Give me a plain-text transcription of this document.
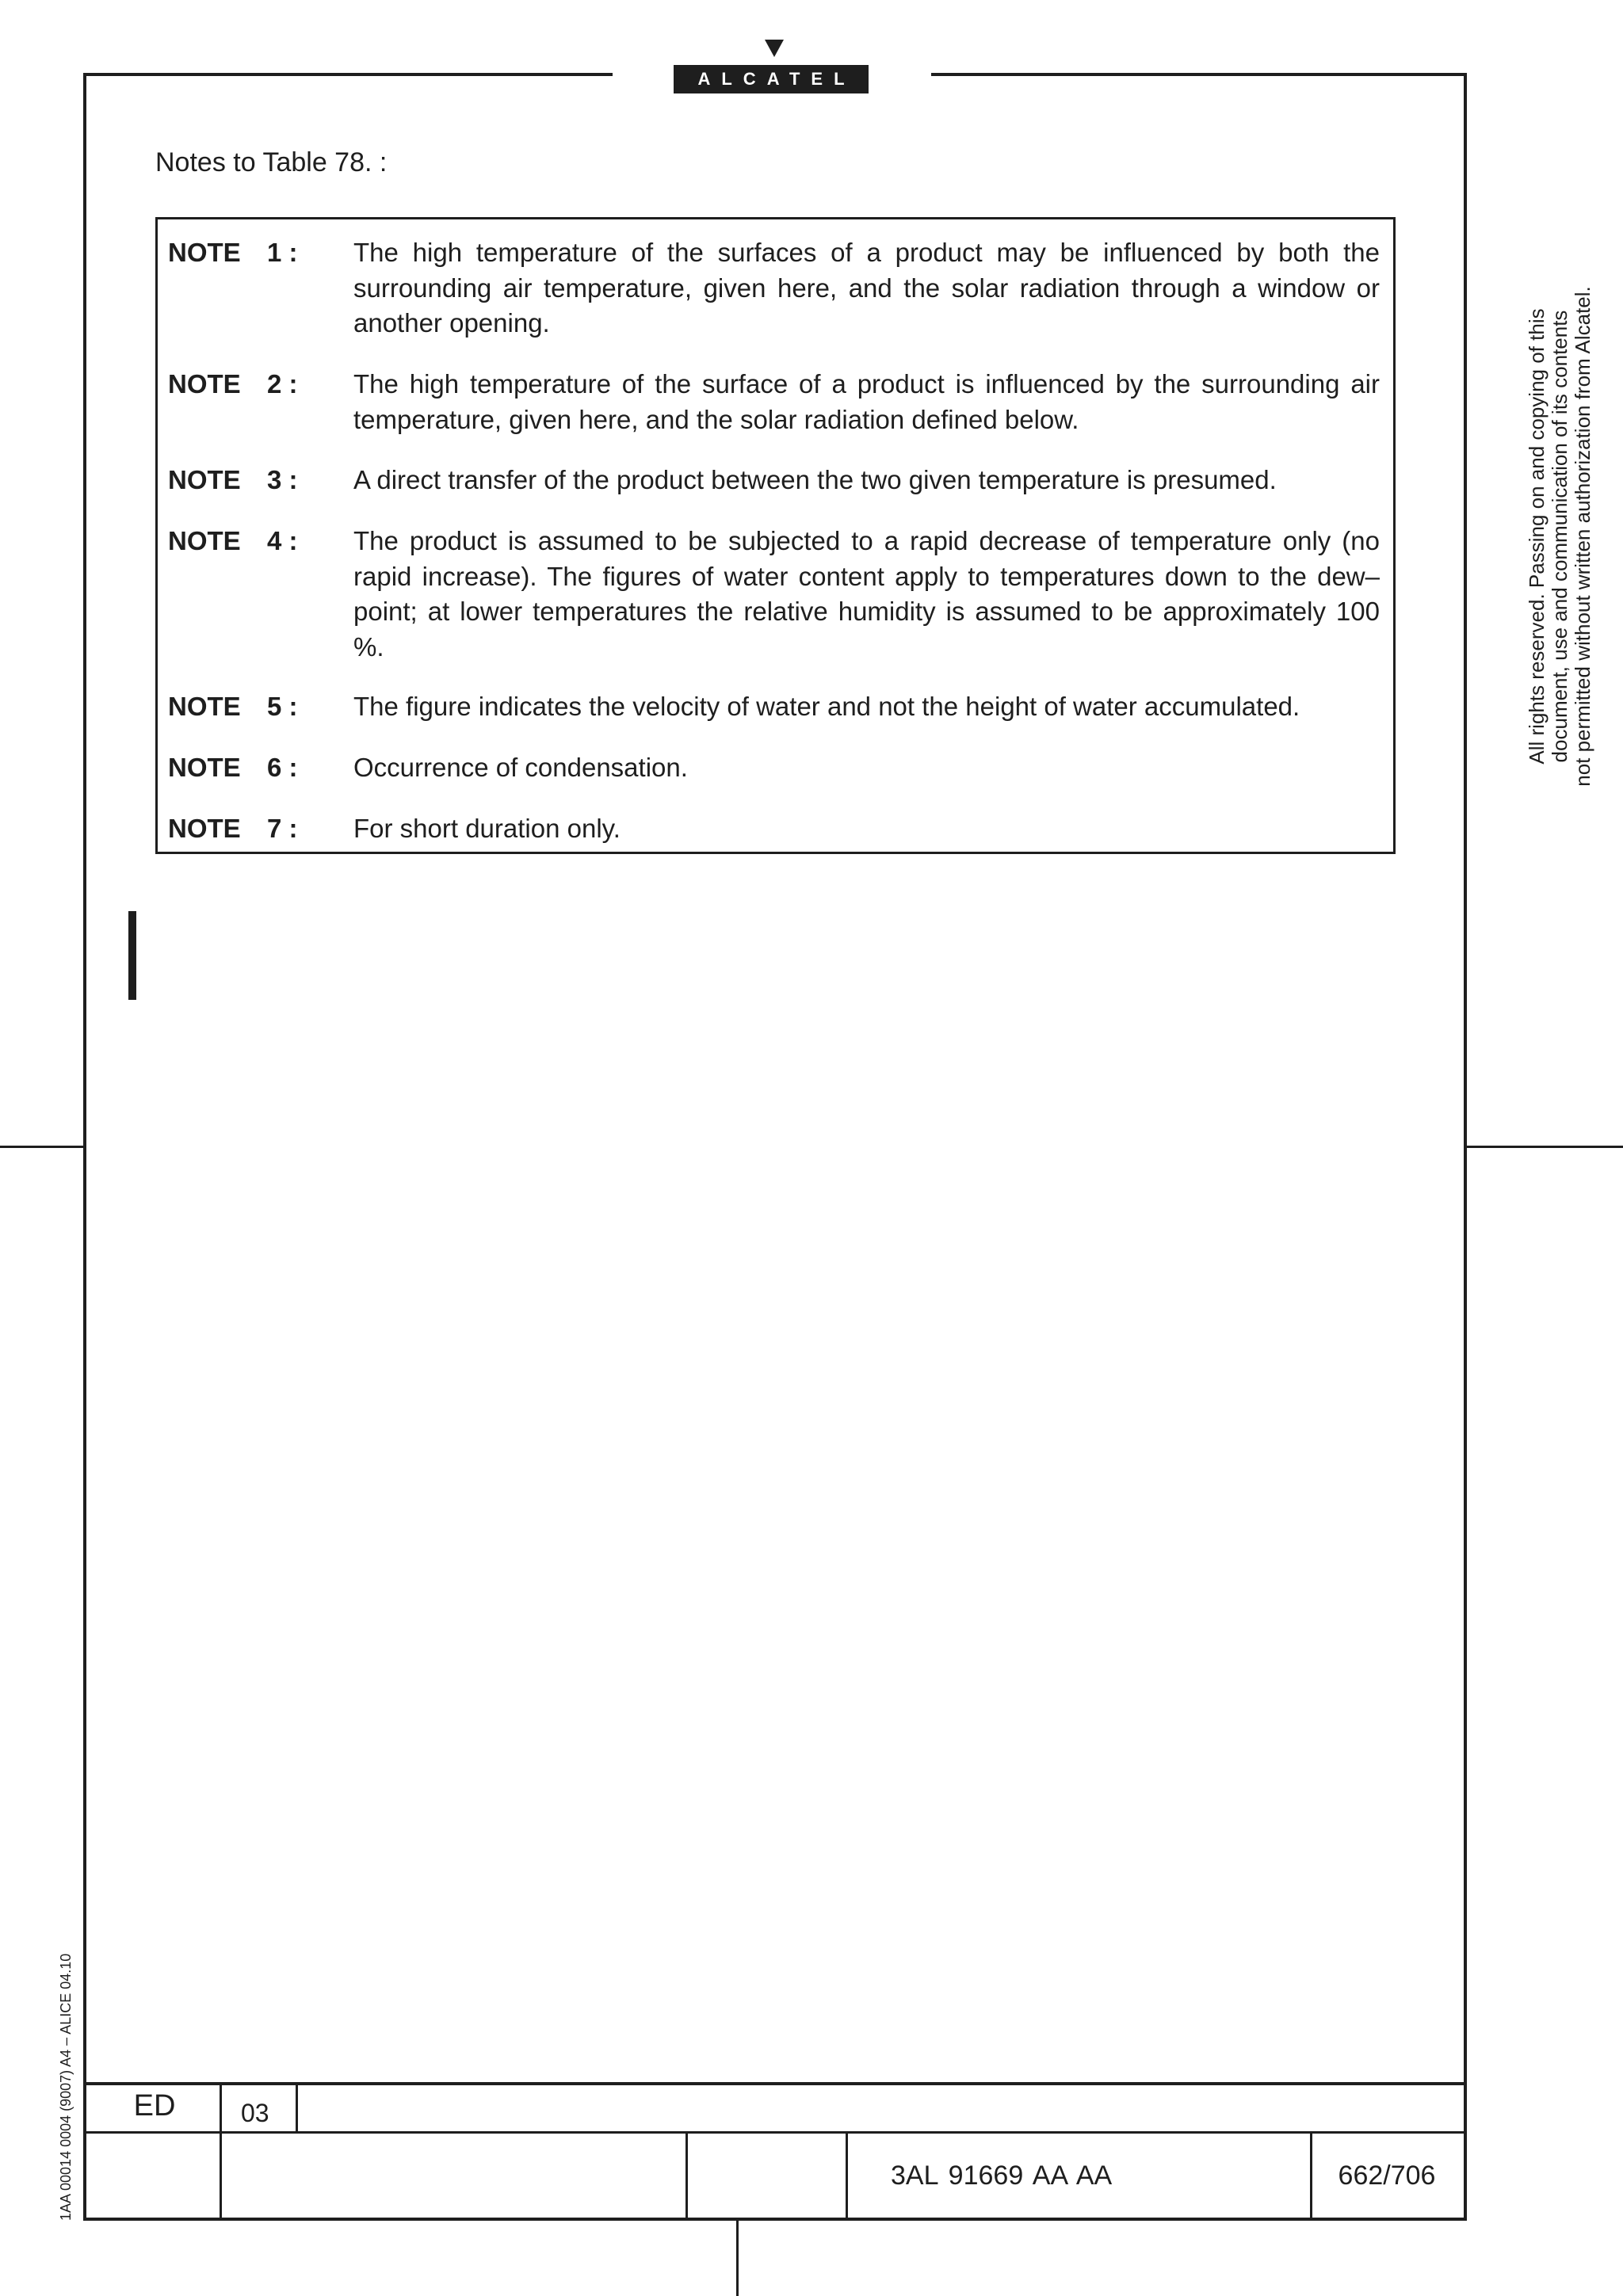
ALCATEL
Notes to Table 78. :
NOTE 1 : The high temperature of the surfaces of a product may be influenced by both the surrounding air temperature, given here, and the solar radiation through a window or another opening.
NOTE 2 : The high temperature of the surface of a product is influenced by the surrounding air temperature, given here, and the solar radiation defined below.
NOTE 3 : A direct transfer of the product between the two given temperature is presumed.
NOTE 4 : The product is assumed to be subjected to a rapid decrease of temperature only (no rapid increase). The figures of water content apply to temperatures down to the dew–point; at lower temperatures the relative humidity is assumed to be approximately 100 %.
NOTE 5 : The figure indicates the velocity of water and not the height of water accumulated.
NOTE 6 : Occurrence of condensation.
NOTE 7 : For short duration only.
All rights reserved. Passing on and copying of this document, use and communication of its contents not permitted without written authorization from Alcatel.
1AA 00014 0004 (9007) A4 – ALICE 04.10	ED	03
3AL 91669 AA AA	662/706
